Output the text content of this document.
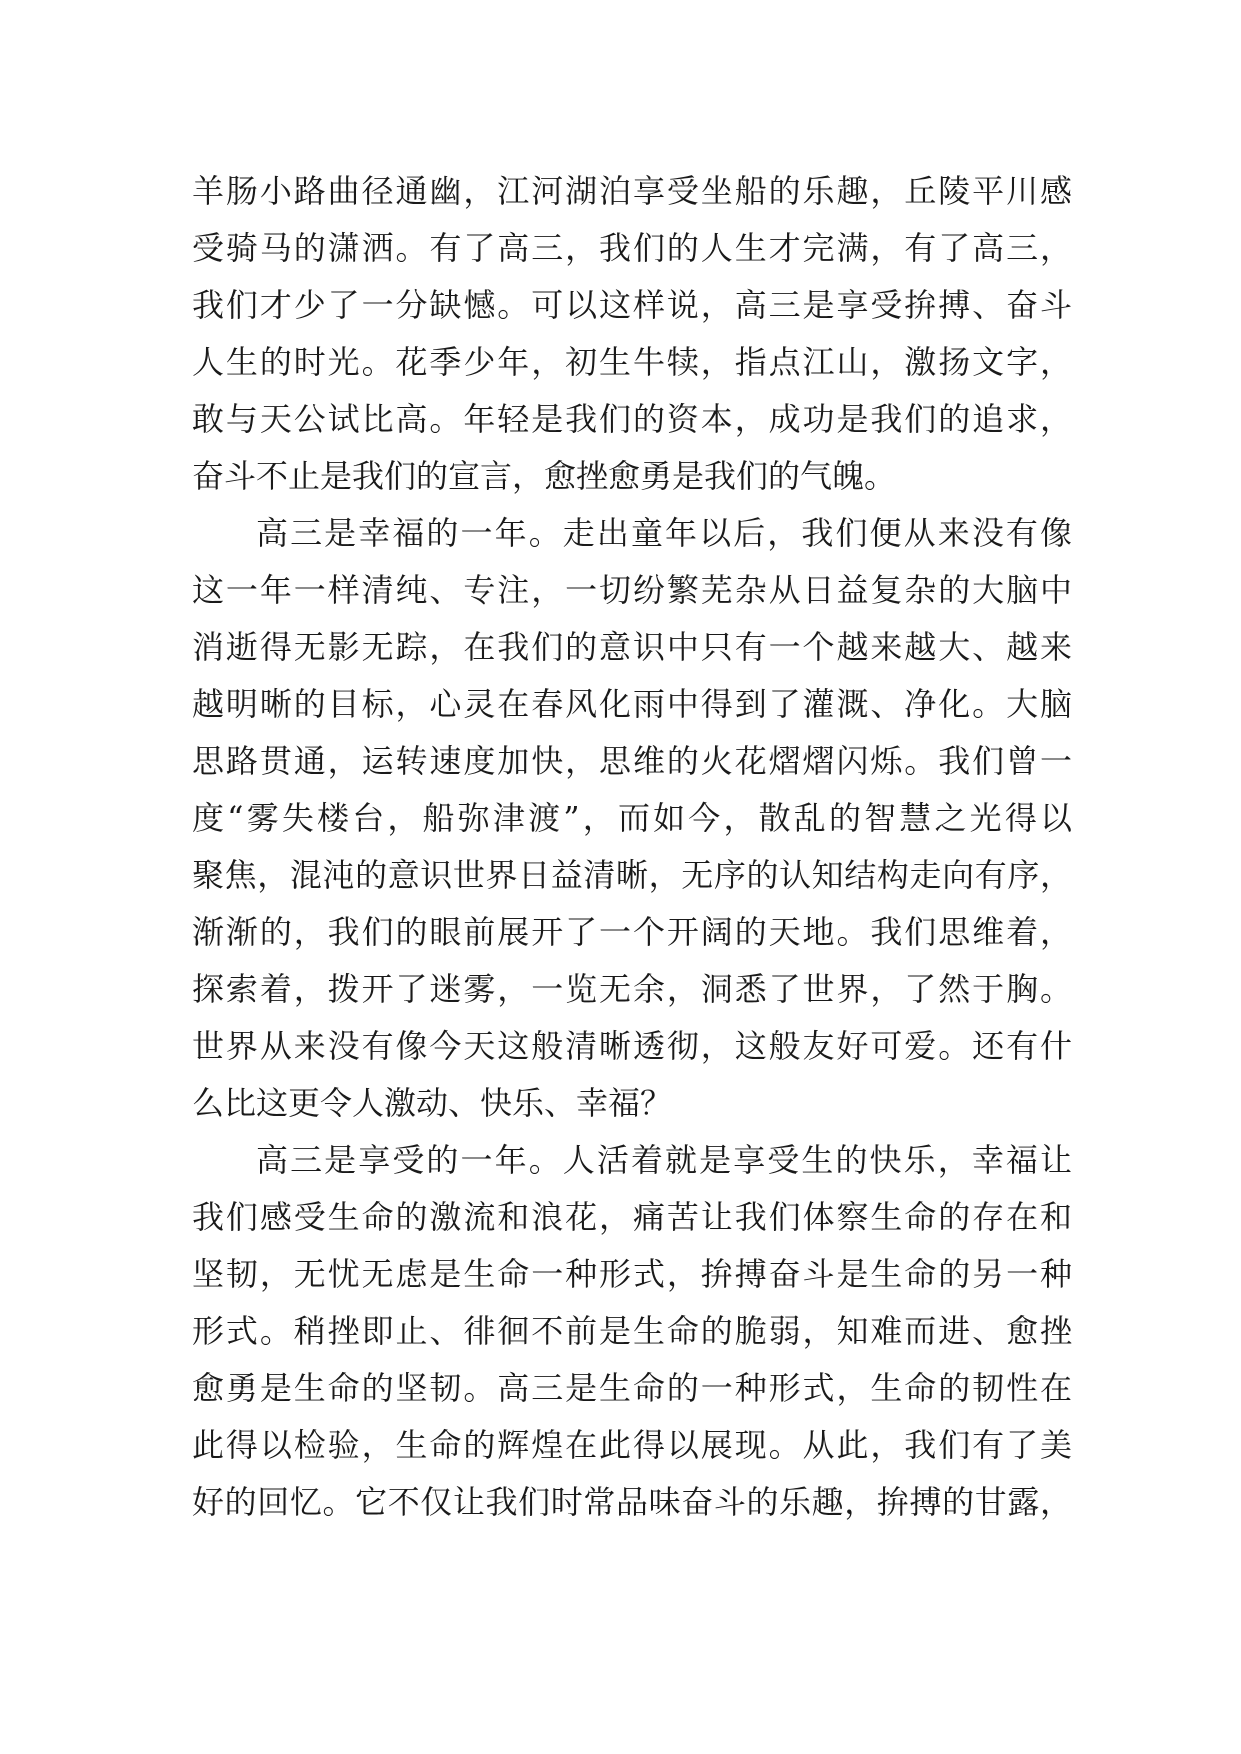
羊肠小路曲径通幽，江河湖泊享受坐船的乐趣，丘陵平川感
受骑马的潇洒。有了高三，我们的人生才完满，有了高三，
我们才少了一分缺憾。可以这样说，高三是享受拚搏、奋斗
人生的时光。花季少年，初生牛犊，指点江山，激扬文字，
敢与天公试比高。年轻是我们的资本，成功是我们的追求，
奋斗不止是我们的宣言，愈挫愈勇是我们的气魄。
高三是幸福的一年。走出童年以后，我们便从来没有像
这一年一样清纯、专注，一切纷繁芜杂从日益复杂的大脑中
消逝得无影无踪，在我们的意识中只有一个越来越大、越来
越明晰的目标，心灵在春风化雨中得到了灌溉、净化。大脑
思路贯通，运转速度加快，思维的火花熠熠闪烁。我们曾一
度“雾失楼台，船弥津渡”，而如今，散乱的智慧之光得以
聚焦，混沌的意识世界日益清晰，无序的认知结构走向有序，
渐渐的，我们的眼前展开了一个开阔的天地。我们思维着，
探索着，拨开了迷雾，一览无余，洞悉了世界，了然于胸。
世界从来没有像今天这般清晰透彻，这般友好可爱。还有什
么比这更令人激动、快乐、幸福？
高三是享受的一年。人活着就是享受生的快乐，幸福让
我们感受生命的激流和浪花，痛苦让我们体察生命的存在和
坚韧，无忧无虑是生命一种形式，拚搏奋斗是生命的另一种
形式。稍挫即止、徘徊不前是生命的脆弱，知难而进、愈挫
愈勇是生命的坚韧。高三是生命的一种形式，生命的韧性在
此得以检验，生命的辉煌在此得以展现。从此，我们有了美
好的回忆。它不仅让我们时常品味奋斗的乐趣，拚搏的甘露，
